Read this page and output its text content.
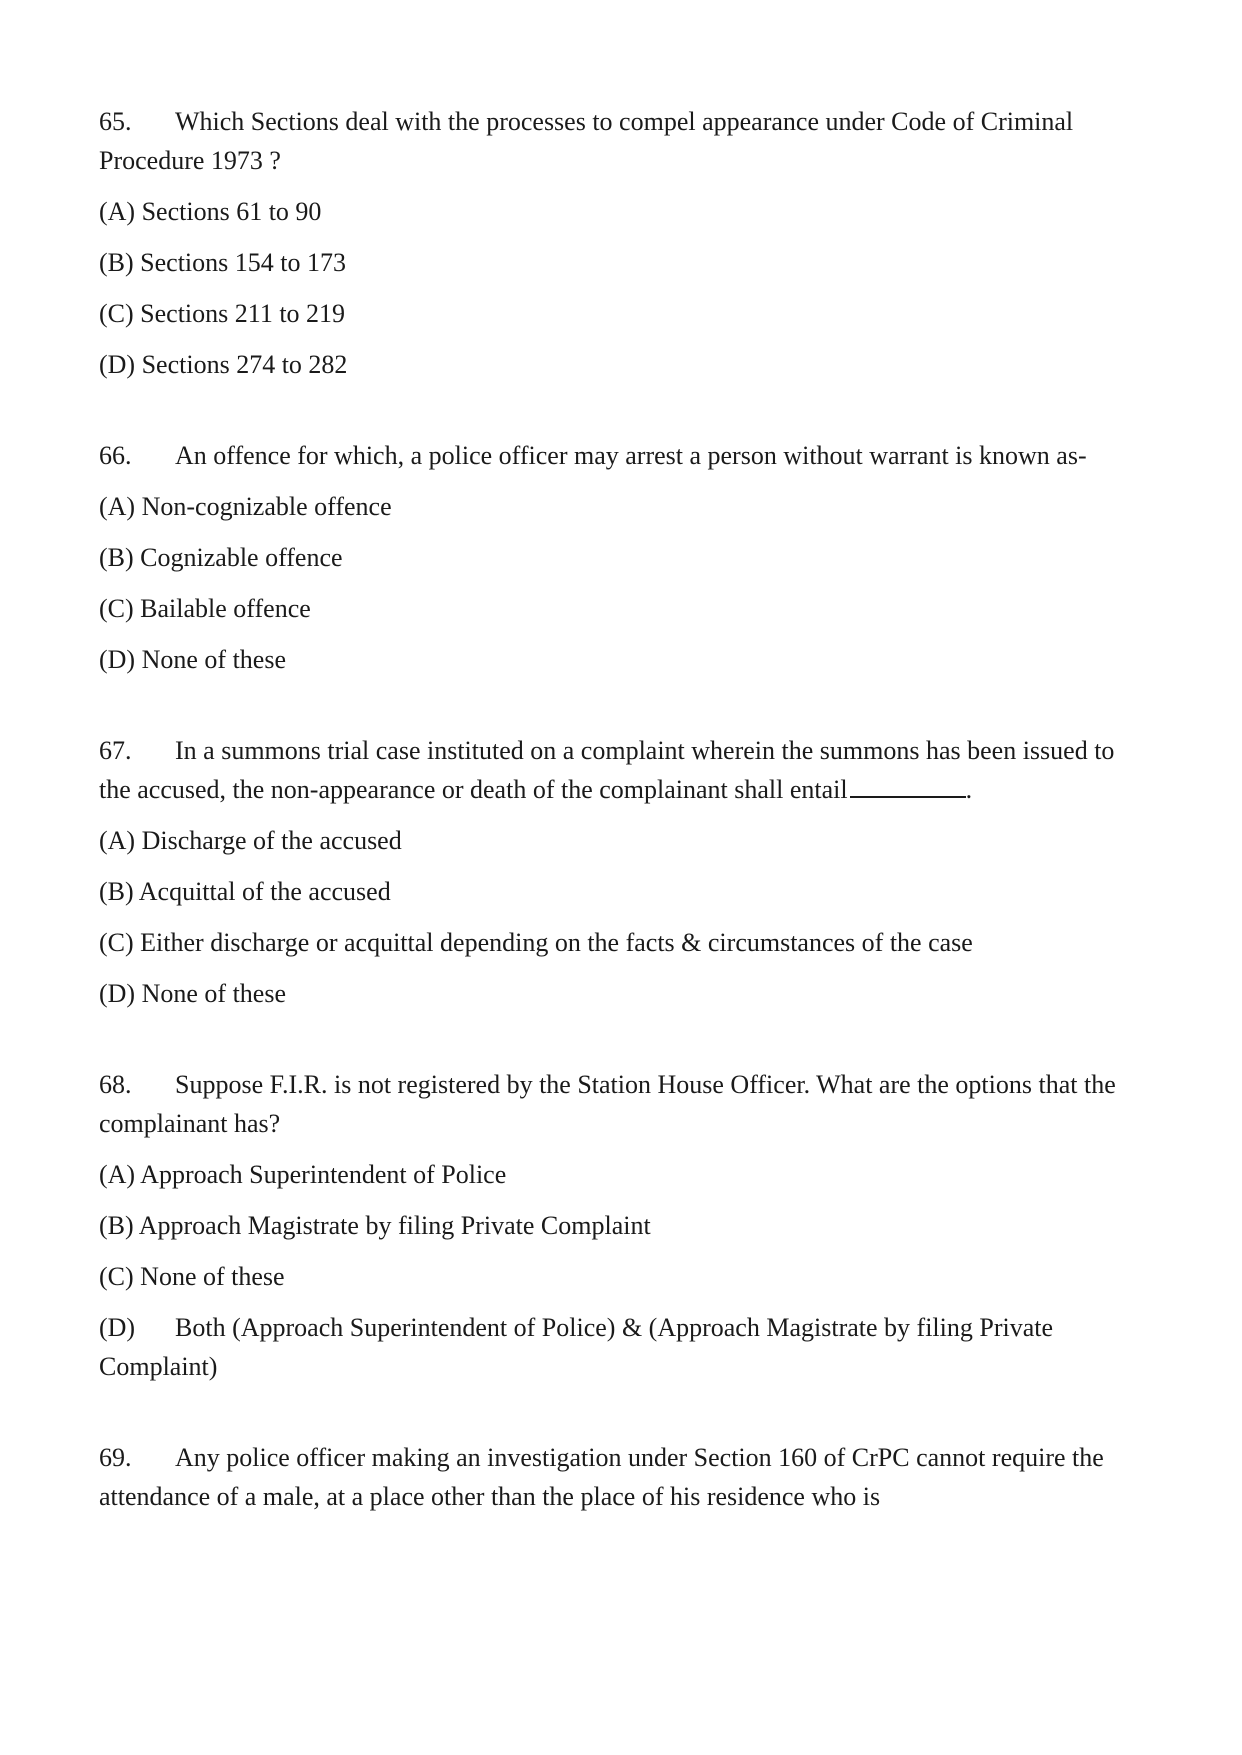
65. Which Sections deal with the processes to compel appearance under Code of Criminal Procedure 1973 ?

(A) Sections 61 to 90
(B) Sections 154 to 173
(C) Sections 211 to 219
(D) Sections 274 to 282

66. An offence for which, a police officer may arrest a person without warrant is known as-

(A) Non-cognizable offence
(B) Cognizable offence
(C) Bailable offence
(D) None of these

67. In a summons trial case instituted on a complaint wherein the summons has been issued to the accused, the non-appearance or death of the complainant shall entail	.

(A) Discharge of the accused
(B) Acquittal of the accused
(C) Either discharge or acquittal depending on the facts & circumstances of the case
(D) None of these

68. Suppose F.I.R. is not registered by the Station House Officer. What are the options that the complainant has?

(A) Approach Superintendent of Police
(B) Approach Magistrate by filing Private Complaint
(C) None of these
(D) Both (Approach Superintendent of Police) & (Approach Magistrate by filing Private Complaint)

69. Any police officer making an investigation under Section 160 of CrPC cannot require the attendance of a male, at a place other than the place of his residence who is
